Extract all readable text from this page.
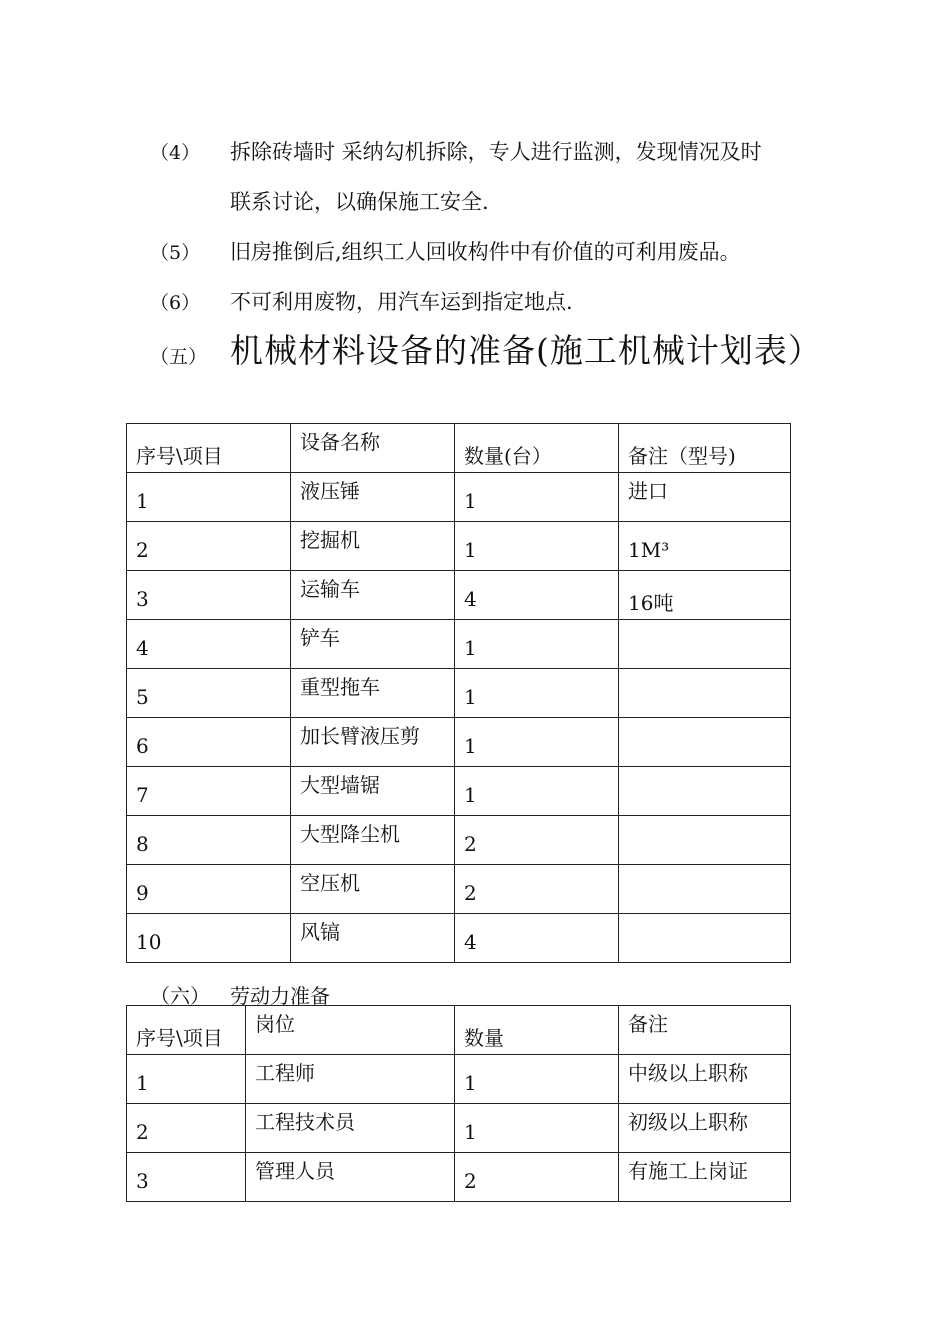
（4） 拆除砖墙时 采纳勾机拆除，专人进行监测，发现情况及时
联系讨论，以确保施工安全.
（5） 旧房推倒后,组织工人回收构件中有价值的可利用废品。
（6） 不可利用废物，用汽车运到指定地点.
（五） 机械材料设备的准备(施工机械计划表）
序号\项目	设备名称	数量(台）	备注（型号)

1	液压锤	1	进口

2	挖掘机	1	1M³

3	运输车	4	16吨

4	铲车	1	

5	重型拖车	1	

6	加长臂液压剪	1	

7	大型墙锯	1	

8	大型降尘机	2	

9	空压机	2	

10	风镐	4	

（六） 劳动力准备
序号\项目	岗位	数量	备注

1	工程师	1	中级以上职称

2	工程技术员	1	初级以上职称

3	管理人员	2	有施工上岗证
